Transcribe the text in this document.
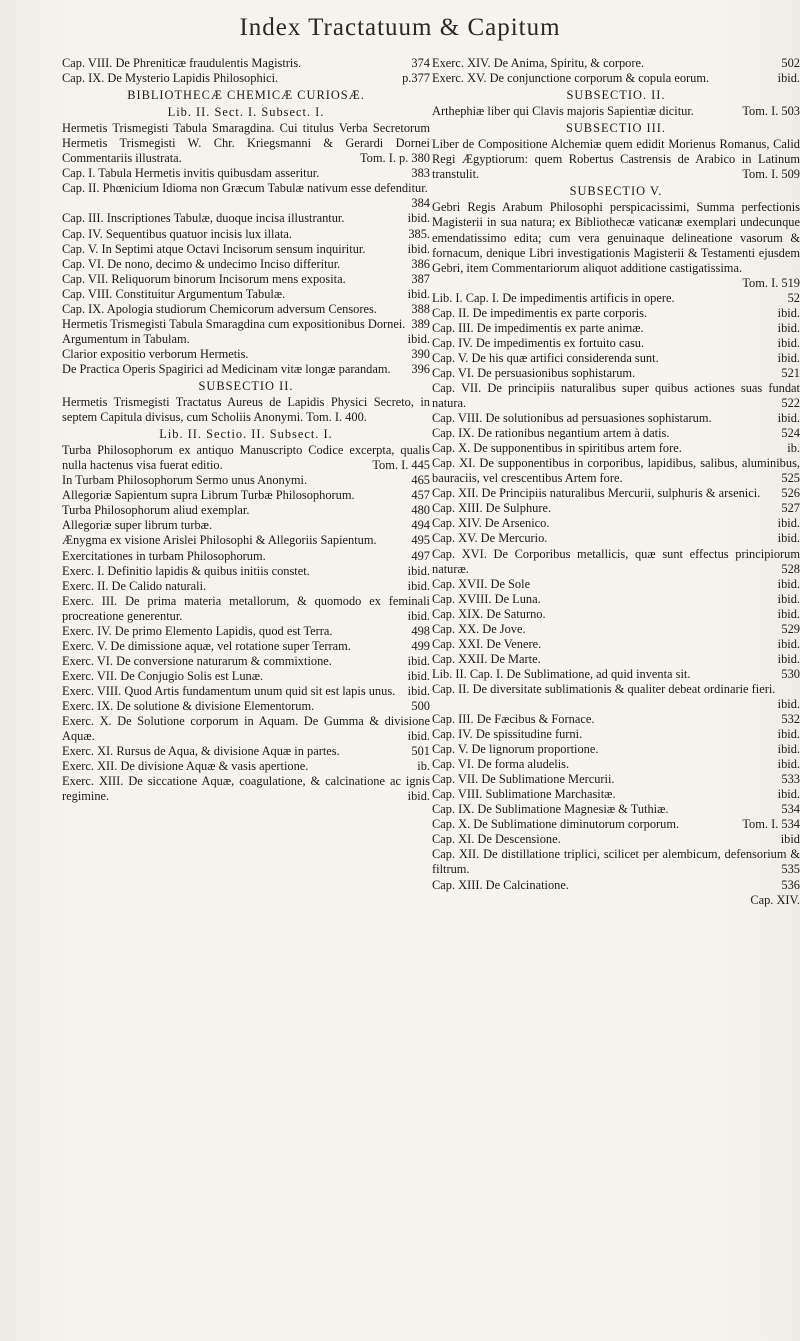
Index Tractatuum & Capitum
Cap. VIII. De Phreniticæ fraudulentis Magistris.	374
Cap. IX. De Mysterio Lapidis Philosophici.	p.377
BIBLIOTHECÆ CHEMICÆ CURIOSÆ.
Lib. II. Sect. I. Subsect. I.
Hermetis Trismegisti Tabula Smaragdina. Cui titulus Verba Secretorum Hermetis Trismegisti W. Chr. Kriegsmanni & Gerardi Dornei Commentariis illustrata.	Tom. I. p. 380
Cap. I. Tabula Hermetis invitis quibusdam asseritur.	383
Cap. II. Phœnicium Idioma non Græcum Tabulæ nativum esse defenditur.
384
Cap. III. Inscriptiones Tabulæ, duoque incisa illustrantur.	ibid.
Cap. IV. Sequentibus quatuor incisis lux illata.	385.
Cap. V. In Septimi atque Octavi Incisorum sensum inquiritur.	ibid.
Cap. VI. De nono, decimo & undecimo Inciso differitur.	386
Cap. VII. Reliquorum binorum Incisorum mens exposita.	387
Cap. VIII. Constituitur Argumentum Tabulæ.	ibid.
Cap. IX. Apologia studiorum Chemicorum adversum Censores.	388
Hermetis Trismegisti Tabula Smaragdina cum expositionibus Dornei. 389
Argumentum in Tabulam.	ibid.
Clarior expositio verborum Hermetis.	390
De Practica Operis Spagirici ad Medicinam vitæ longæ parandam.	396
SUBSECTIO II.
Hermetis Trismegisti Tractatus Aureus de Lapidis Physici Secreto, in septem Capitula divisus, cum Scholiis Anonymi. Tom. I. 400.
Lib. II. Sectio. II. Subsect. I.
Turba Philosophorum ex antiquo Manuscripto Codice excerpta, qualis nulla hactenus visa fuerat editio.	Tom. I. 445
In Turbam Philosophorum Sermo unus Anonymi.	465
Allegoriæ Sapientum supra Librum Turbæ Philosophorum.	457
Turba Philosophorum aliud exemplar.	480
Allegoriæ super librum turbæ.	494
Ænygma ex visione Arislei Philosophi & Allegoriis Sapientum.	495
Exercitationes in turbam Philosophorum.	497
Exerc. I. Definitio lapidis & quibus initiis constet.	ibid.
Exerc. II. De Calido naturali.	ibid.
Exerc. III. De prima materia metallorum, & quomodo ex feminali procreatione generentur.	ibid.
Exerc. IV. De primo Elemento Lapidis, quod est Terra.	498
Exerc. V. De dimissione aquæ, vel rotatione super Terram.	499
Exerc. VI. De conversione naturarum & commixtione.	ibid.
Exerc. VII. De Conjugio Solis est Lunæ.	ibid.
Exerc. VIII. Quod Artis fundamentum unum quid sit est lapis unus. ibid.
Exerc. IX. De solutione & divisione Elementorum.	500
Exerc. X. De Solutione corporum in Aquam. De Gumma & divisione Aquæ.	ibid.
Exerc. XI. Rursus de Aqua, & divisione Aquæ in partes.	501
Exerc. XII. De divisione Aquæ & vasis apertione.	ib.
Exerc. XIII. De siccatione Aquæ, coagulatione, & calcinatione ac ignis regimine.	ibid.
Exerc. XIV. De Anima, Spiritu, & corpore.	502
Exerc. XV. De conjunctione corporum & copula eorum.	ibid.
SUBSECTIO. II.
Arthephiæ liber qui Clavis majoris Sapientiæ dicitur.	Tom. I. 503
SUBSECTIO III.
Liber de Compositione Alchemiæ quem edidit Morienus Romanus, Calid Regi Ægyptiorum: quem Robertus Castrensis de Arabico in Latinum transtulit.	Tom. I. 509
SUBSECTIO V.
Gebri Regis Arabum Philosophi perspicacissimi, Summa perfectionis Magisterii in sua natura; ex Bibliothecæ vaticanæ exemplari undecunque emendatissimo edita; cum vera genuinaque delineatione vasorum & fornacum, denique Libri investigationis Magisterii & Testamenti ejusdem Gebri, item Commentariorum aliquot additione castigatissima.
Tom. I. 519
Lib. I. Cap. I. De impedimentis artificis in opere.	52
Cap. II. De impedimentis ex parte corporis.	ibid.
Cap. III. De impedimentis ex parte animæ.	ibid.
Cap. IV. De impedimentis ex fortuito casu.	ibid.
Cap. V. De his quæ artifici considerenda sunt.	ibid.
Cap. VI. De persuasionibus sophistarum.	521
Cap. VII. De principiis naturalibus super quibus actiones suas fundat natura.	522
Cap. VIII. De solutionibus ad persuasiones sophistarum.	ibid.
Cap. IX. De rationibus negantium artem à datis.	524
Cap. X. De supponentibus in spiritibus artem fore.	ib.
Cap. XI. De supponentibus in corporibus, lapidibus, salibus, aluminibus, bauraciis, vel crescentibus Artem fore.	525
Cap. XII. De Principiis naturalibus Mercurii, sulphuris & arsenici.	526
Cap. XIII. De Sulphure.	527
Cap. XIV. De Arsenico.	ibid.
Cap. XV. De Mercurio.	ibid.
Cap. XVI. De Corporibus metallicis, quæ sunt effectus principiorum naturæ.	528
Cap. XVII. De Sole	ibid.
Cap. XVIII. De Luna.	ibid.
Cap. XIX. De Saturno.	ibid.
Cap. XX. De Jove.	529
Cap. XXI. De Venere.	ibid.
Cap. XXII. De Marte.	ibid.
Lib. II. Cap. I. De Sublimatione, ad quid inventa sit.	530
Cap. II. De diversitate sublimationis & qualiter debeat ordinarie fieri.
ibid.
Cap. III. De Fæcibus & Fornace.	532
Cap. IV. De spissitudine furni.	ibid.
Cap. V. De lignorum proportione.	ibid.
Cap. VI. De forma aludelis.	ibid.
Cap. VII. De Sublimatione Mercurii.	533
Cap. VIII. Sublimatione Marchasitæ.	ibid.
Cap. IX. De Sublimatione Magnesiæ & Tuthiæ.	534
Cap. X. De Sublimatione diminutorum corporum.	Tom. I. 534
Cap. XI. De Descensione.	ibid
Cap. XII. De distillatione triplici, scilicet per alembicum, defensorium & filtrum.	535
Cap. XIII. De Calcinatione.	536
Cap. XIV.
